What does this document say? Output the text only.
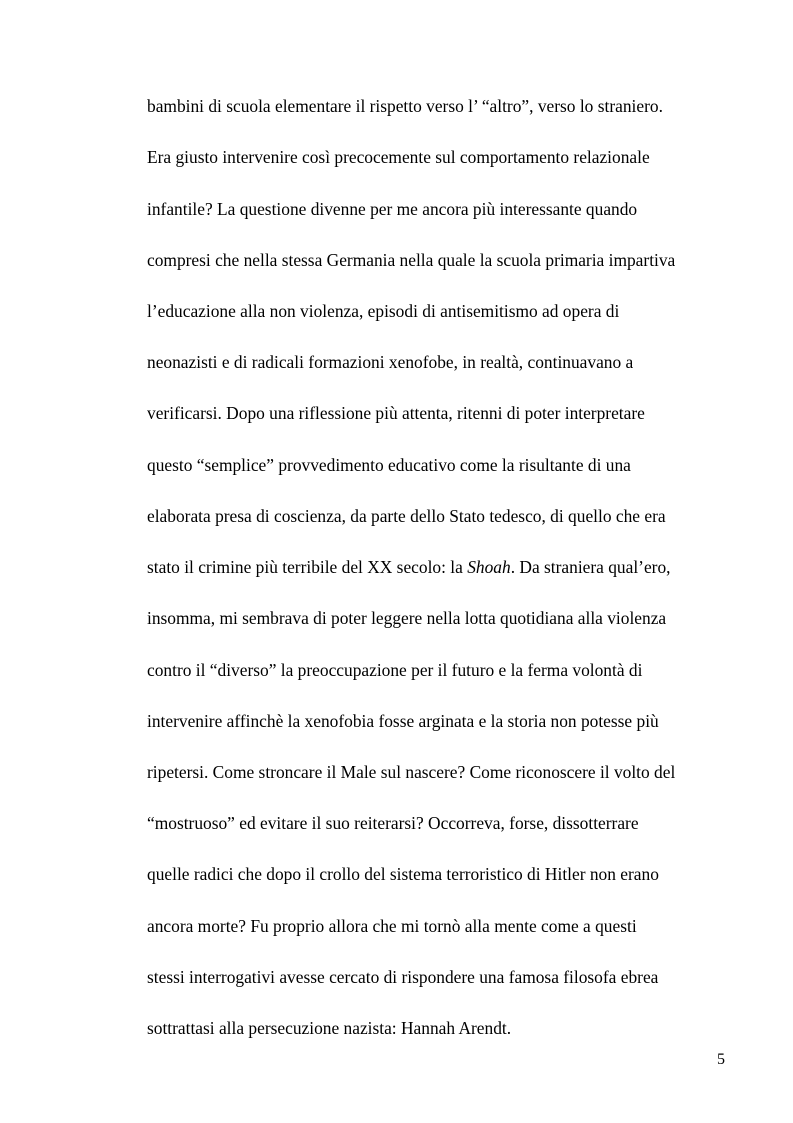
bambini di scuola elementare il rispetto verso l’ “altro”, verso lo straniero.
Era giusto intervenire così precocemente sul comportamento relazionale
infantile? La questione divenne per me ancora più interessante quando
compresi che nella stessa Germania nella quale la scuola primaria impartiva
l’educazione alla non violenza, episodi di antisemitismo ad opera di
neonazisti e di radicali formazioni xenofobe, in realtà, continuavano a
verificarsi. Dopo una riflessione più attenta, ritenni di poter interpretare
questo “semplice” provvedimento educativo come la risultante di una
elaborata presa di coscienza, da parte dello Stato tedesco, di quello che era
stato il crimine più terribile del XX secolo: la Shoah. Da straniera qual’ero,
insomma, mi sembrava di poter leggere nella lotta quotidiana alla violenza
contro il “diverso” la preoccupazione per il futuro e la ferma volontà di
intervenire affinchè la xenofobia fosse arginata e la storia non potesse più
ripetersi. Come stroncare il Male sul nascere? Come riconoscere il volto del
“mostruoso” ed evitare il suo reiterarsi? Occorreva, forse, dissotterrare
quelle radici che dopo il crollo del sistema terroristico di Hitler non erano
ancora morte? Fu proprio allora che mi tornò alla mente come a questi
stessi interrogativi avesse cercato di rispondere una famosa filosofa ebrea
sottrattasi alla persecuzione nazista: Hannah Arendt.
5
